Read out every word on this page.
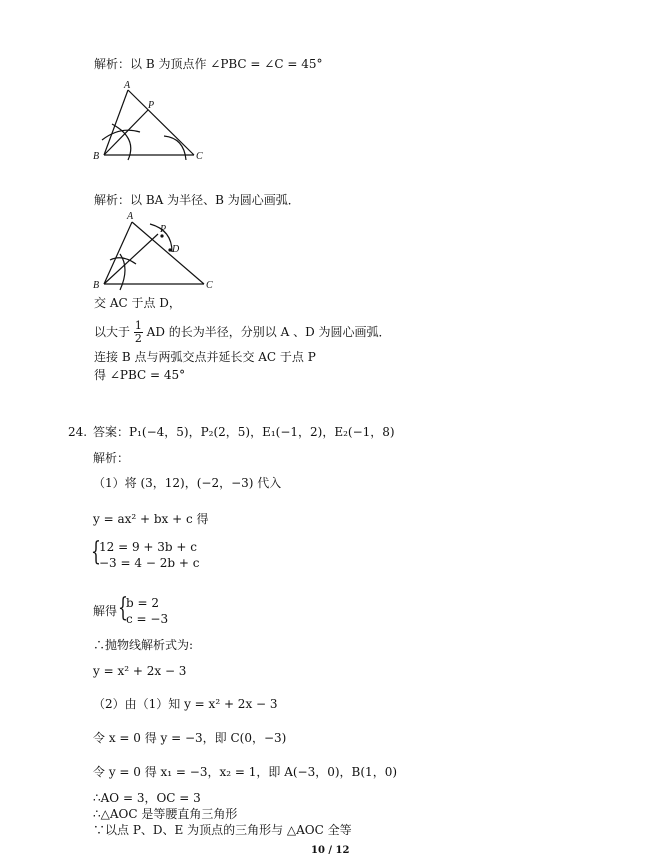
解析：以 B 为顶点作 ∠PBC = ∠C = 45°
A
P
B	C
解析：以 BA 为半径、B 为圆心画弧．
A
P
D
B	C
交 AC 于点 D，
以大于 $\frac{1}{2}$ AD 的长为半径，分别以 A 、D 为圆心画弧．
连接 B 点与两弧交点并延长交 AC 于点 P
得 ∠PBC = 45°
24. 答案：P₁(−4，5)，P₂(2，5)，E₁(−1，2)，E₂(−1，8)
解析：
（1）将 (3，12)，(−2，−3) 代入
y = ax² + bx + c 得
{
12 = 9 + 3b + c
−3 = 4 − 2b + c
解得 {
b = 2
c = −3
∴抛物线解析式为:
y = x² + 2x − 3
（2）由（1）知 y = x² + 2x − 3
令 x = 0 得 y = −3，即 C(0，−3)
令 y = 0 得 x₁ = −3，x₂ = 1，即 A(−3，0)，B(1，0)
∴AO = 3，OC = 3
∴△AOC 是等腰直角三角形
∵以点 P、D、E 为顶点的三角形与 △AOC 全等
10 / 12
